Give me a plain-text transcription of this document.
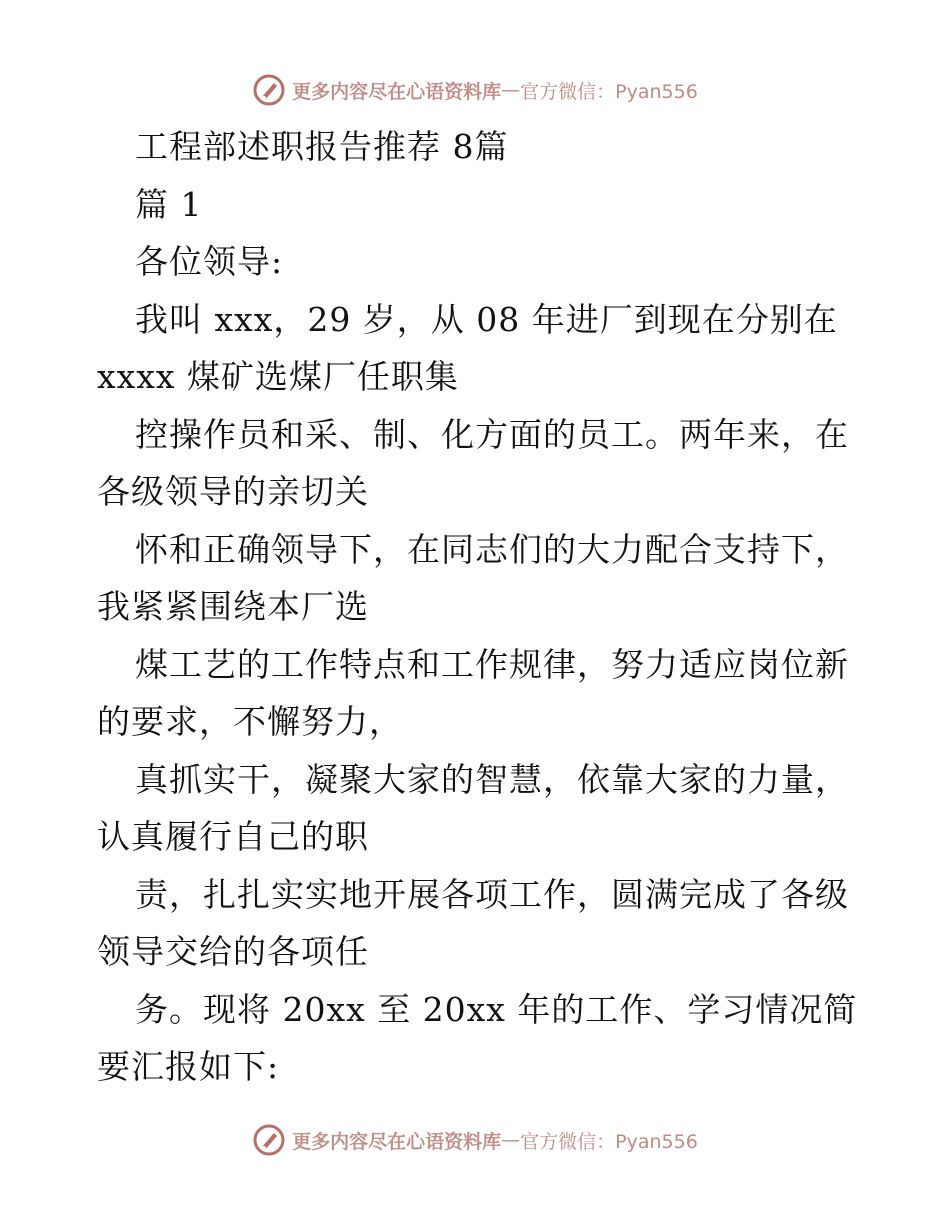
更多内容尽在心语资料库 — 官方微信：Pyan556
工程部述职报告推荐 8篇
篇 1
各位领导:
我叫 xxx，29 岁，从 08 年进厂到现在分别在
xxxx 煤矿选煤厂任职集
控操作员和采、制、化方面的员工。两年来，在
各级领导的亲切关
怀和正确领导下，在同志们的大力配合支持下，
我紧紧围绕本厂选
煤工艺的工作特点和工作规律，努力适应岗位新
的要求，不懈努力，
真抓实干，凝聚大家的智慧，依靠大家的力量，
认真履行自己的职
责，扎扎实实地开展各项工作，圆满完成了各级
领导交给的各项任
务。现将 20xx 至 20xx 年的工作、学习情况简
要汇报如下:
更多内容尽在心语资料库 — 官方微信：Pyan556
